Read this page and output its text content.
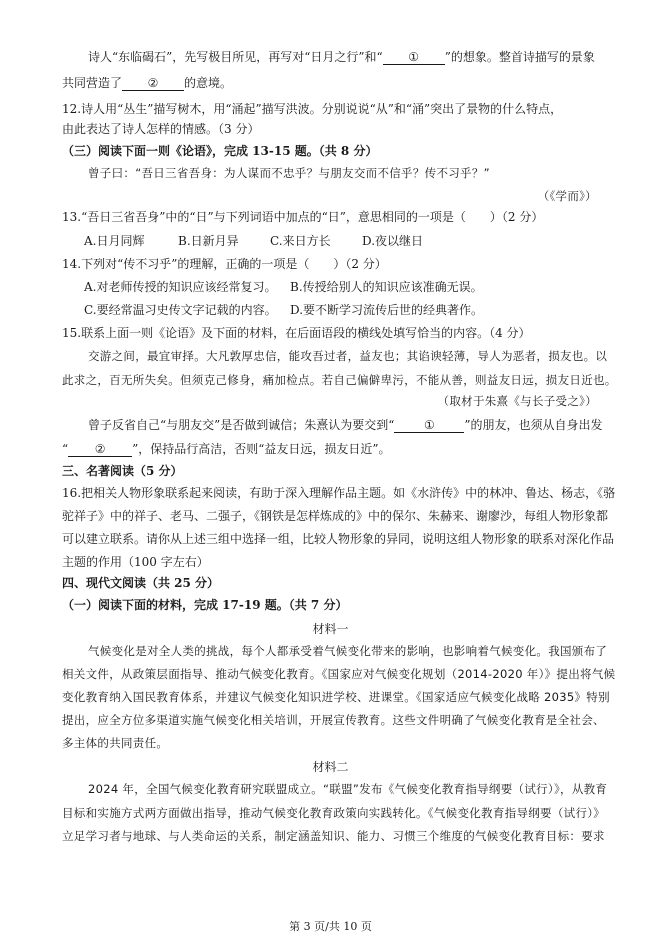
诗人“东临碣石”，先写极目所见，再写对“日月之行”和“ ① ”的想象。整首诗描写的景象
共同营造了 ② 的意境。
12.诗人用“丛生”描写树木，用“涌起”描写洪波。分别说说“从”和“涌”突出了景物的什么特点，
由此表达了诗人怎样的情感。（3 分）
（三）阅读下面一则《论语》，完成 13-15 题。（共 8 分）
曾子曰：“吾日三省吾身：为人谋而不忠乎？与朋友交而不信乎？传不习乎？”
（《学而》）
13.“吾日三省吾身”中的“日”与下列词语中加点的“日”，意思相同的一项是（　　）（2 分）
A.日月同辉	B.日新月异	C.来日方长	D.夜以继日
14.下列对“传不习乎”的理解，正确的一项是（　　）（2 分）
A.对老师传授的知识应该经常复习。 B.传授给别人的知识应该准确无误。
C.要经常温习史传文字记载的内容。 D.要不断学习流传后世的经典著作。
15.联系上面一则《论语》及下面的材料，在后面语段的横线处填写恰当的内容。（4 分）
交游之间，最宜审择。大凡敦厚忠信，能攻吾过者，益友也；其谄谀轻薄，导人为恶者，损友也。以
此求之，百无所失矣。但须克己修身，痛加检点。若自己偏僻卑污，不能从善，则益友日远，损友日近也。
（取材于朱熹《与长子受之》）
曾子反省自己“与朋友交”是否做到诚信；朱熹认为要交到“ ① ”的朋友，也须从自身出发
“ ② ”，保持品行高洁，否则“益友日远，损友日近”。
三、名著阅读（5 分）
16.把相关人物形象联系起来阅读，有助于深入理解作品主题。如《水浒传》中的林冲、鲁达、杨志，《骆
驼祥子》中的祥子、老马、二强子，《钢铁是怎样炼成的》中的保尔、朱赫来、谢廖沙，每组人物形象都
可以建立联系。请你从上述三组中选择一组，比较人物形象的异同，说明这组人物形象的联系对深化作品
主题的作用（100 字左右）
四、现代文阅读（共 25 分）
（一）阅读下面的材料，完成 17-19 题。（共 7 分）
材料一
气候变化是对全人类的挑战，每个人都承受着气候变化带来的影响，也影响着气候变化。我国颁布了
相关文件，从政策层面指导、推动气候变化教育。《国家应对气候变化规划（2014-2020 年）》提出将气候
变化教育纳入国民教育体系，并建议气候变化知识进学校、进课堂。《国家适应气候变化战略 2035》特别
提出，应全方位多渠道实施气候变化相关培训，开展宣传教育。这些文件明确了气候变化教育是全社会、
多主体的共同责任。
材料二
2024 年，全国气候变化教育研究联盟成立。“联盟”发布《气候变化教育指导纲要（试行）》，从教育
目标和实施方式两方面做出指导，推动气候变化教育政策向实践转化。《气候变化教育指导纲要（试行）》
立足学习者与地球、与人类命运的关系，制定涵盖知识、能力、习惯三个维度的气候变化教育目标：要求
第 3 页/共 10 页
